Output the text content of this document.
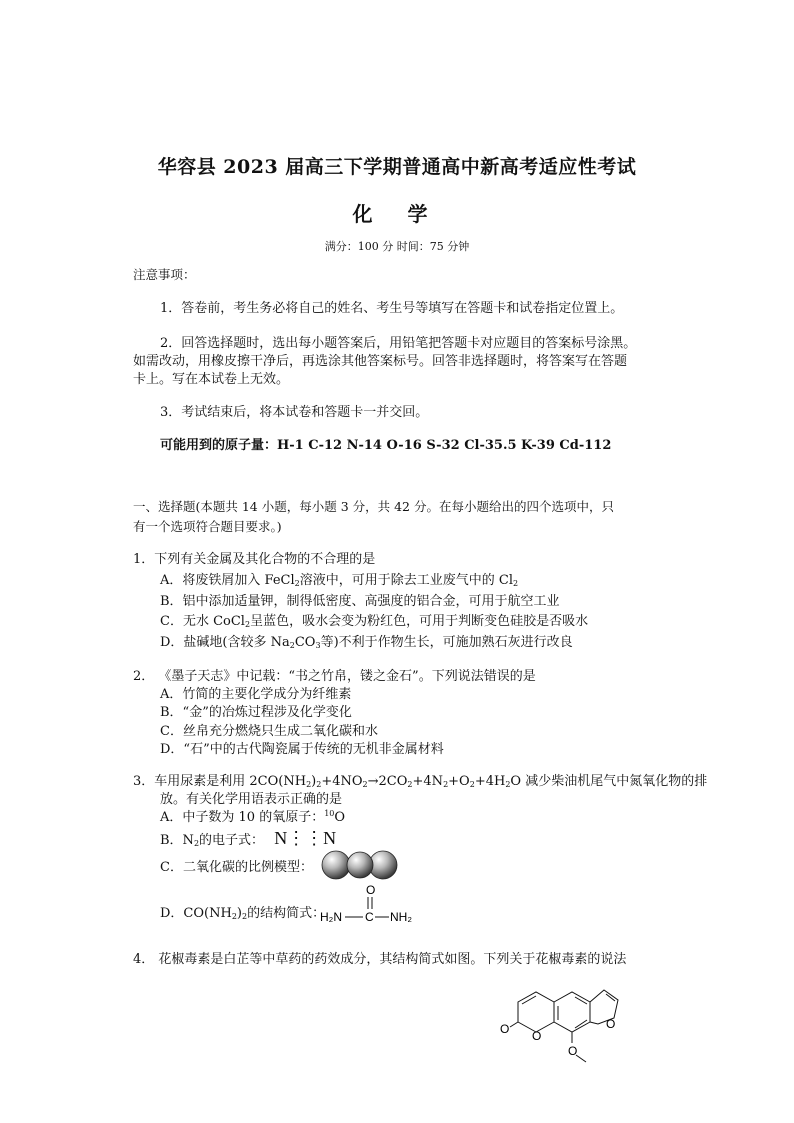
华容县 2023 届高三下学期普通高中新高考适应性考试
化 学
满分：100 分 时间：75 分钟
注意事项：
1．答卷前，考生务必将自己的姓名、考生号等填写在答题卡和试卷指定位置上。
2．回答选择题时，选出每小题答案后，用铅笔把答题卡对应题目的答案标号涂黑。
如需改动，用橡皮擦干净后，再选涂其他答案标号。回答非选择题时，将答案写在答题
卡上。写在本试卷上无效。
3．考试结束后，将本试卷和答题卡一并交回。
可能用到的原子量：H-1 C-12 N-14 O-16 S-32 Cl-35.5 K-39 Cd-112
一、选择题(本题共 14 小题，每小题 3 分，共 42 分。在每小题给出的四个选项中，只
有一个选项符合题目要求。)
1．下列有关金属及其化合物的不合理的是
A．将废铁屑加入 FeCl$_2$溶液中，可用于除去工业废气中的 $Cl_2$
B．铝中添加适量钾，制得低密度、高强度的铝合金，可用于航空工业
C．无水 CoCl$_2$呈蓝色，吸水会变为粉红色，可用于判断变色硅胶是否吸水
D．盐碱地(含较多 $Na_2CO_3$等)不利于作物生长，可施加熟石灰进行改良
2． 《墨子天志》中记载：“书之竹帛，镂之金石”。下列说法错误的是
A．竹简的主要化学成分为纤维素
B．“金”的冶炼过程涉及化学变化
C．丝帛充分燃烧只生成二氧化碳和水
D．“石”中的古代陶瓷属于传统的无机非金属材料
3．车用尿素是利用 $2CO(NH_2)_2+4NO_2\to 2CO_2+4N_2+O_2+4H_2O$ 减少柴油机尾气中氮氧化物的排
放。有关化学用语表示正确的是
A．中子数为 10 的氧原子：$^{10}$O
B．$N_2$的电子式： N⋮⋮N
C．二氧化碳的比例模型：
D．$CO(NH_2)_2$的结构简式：
O
C
H₂N	NH₂
4． 花椒毒素是白芷等中草药的药效成分，其结构简式如图。下列关于花椒毒素的说法
O O
O
O
